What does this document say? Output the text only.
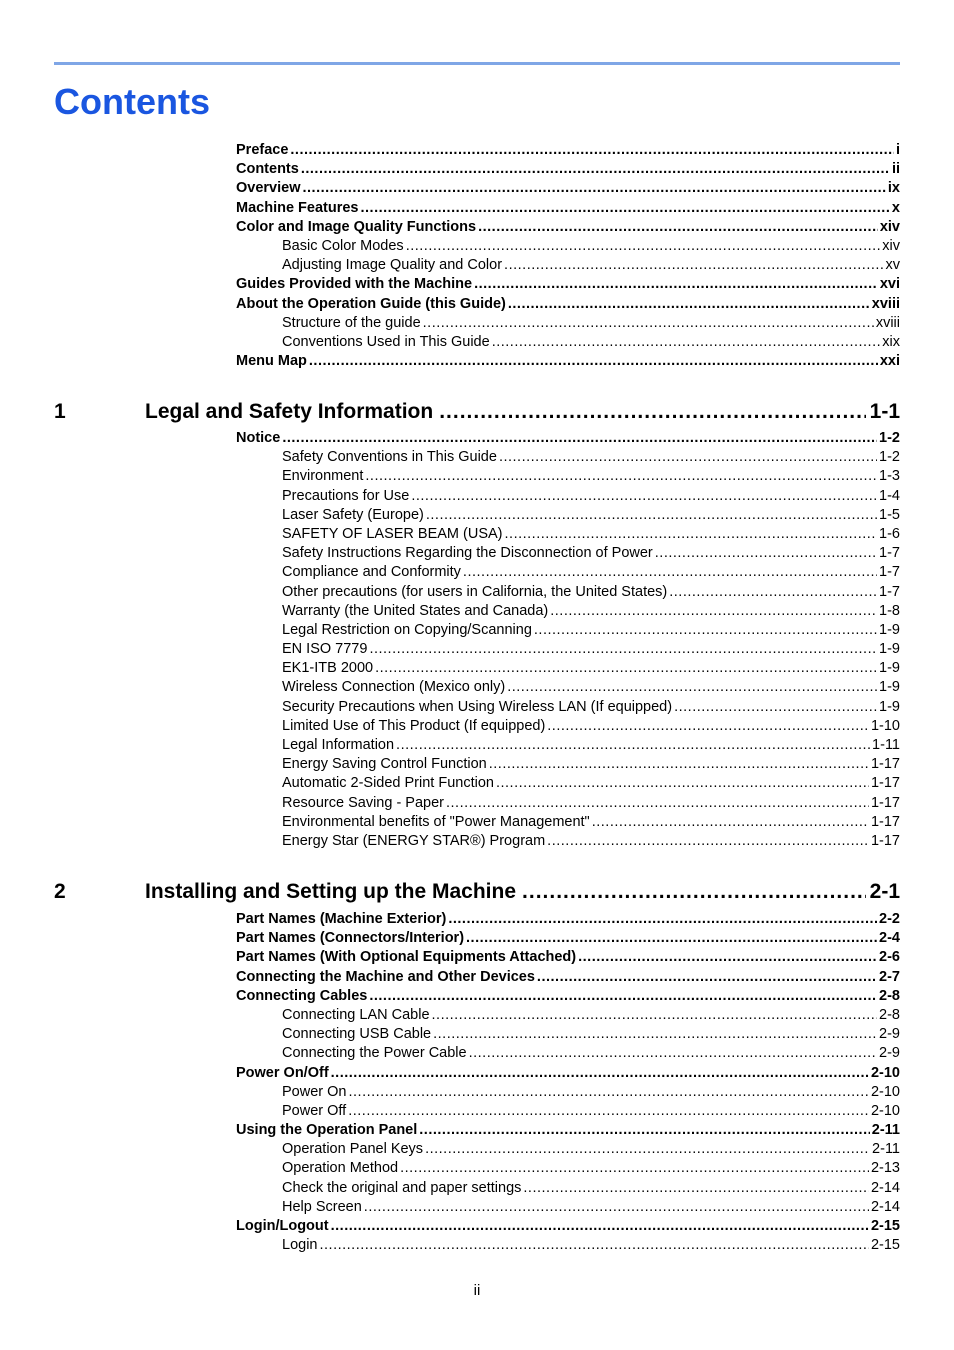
Contents
Preface .....	i
Contents .....	ii
Overview .....	ix
Machine Features .....	x
Color and Image Quality Functions .....	xiv
Basic Color Modes .....	xiv
Adjusting Image Quality and Color .....	xv
Guides Provided with the Machine .....	xvi
About the Operation Guide (this Guide) .....	xviii
Structure of the guide .....	xviii
Conventions Used in This Guide .....	xix
Menu Map .....	xxi
1	Legal and Safety Information .....	1-1
Notice .....	1-2
Safety Conventions in This Guide .....	1-2
Environment .....	1-3
Precautions for Use .....	1-4
Laser Safety (Europe) .....	1-5
SAFETY OF LASER BEAM (USA) .....	1-6
Safety Instructions Regarding the Disconnection of Power .....	1-7
Compliance and Conformity .....	1-7
Other precautions (for users in California, the United States) .....	1-7
Warranty (the United States and Canada) .....	1-8
Legal Restriction on Copying/Scanning .....	1-9
EN ISO 7779 .....	1-9
EK1-ITB 2000 .....	1-9
Wireless Connection (Mexico only) .....	1-9
Security Precautions when Using Wireless LAN (If equipped) .....	1-9
Limited Use of This Product (If equipped) .....	1-10
Legal Information .....	1-11
Energy Saving Control Function .....	1-17
Automatic 2-Sided Print Function .....	1-17
Resource Saving - Paper .....	1-17
Environmental benefits of "Power Management" .....	1-17
Energy Star (ENERGY STAR®) Program .....	1-17
2	Installing and Setting up the Machine .....	2-1
Part Names (Machine Exterior) .....	2-2
Part Names (Connectors/Interior) .....	2-4
Part Names (With Optional Equipments Attached) .....	2-6
Connecting the Machine and Other Devices .....	2-7
Connecting Cables .....	2-8
Connecting LAN Cable .....	2-8
Connecting USB Cable .....	2-9
Connecting the Power Cable .....	2-9
Power On/Off .....	2-10
Power On .....	2-10
Power Off .....	2-10
Using the Operation Panel .....	2-11
Operation Panel Keys .....	2-11
Operation Method .....	2-13
Check the original and paper settings .....	2-14
Help Screen .....	2-14
Login/Logout .....	2-15
Login .....	2-15
ii
